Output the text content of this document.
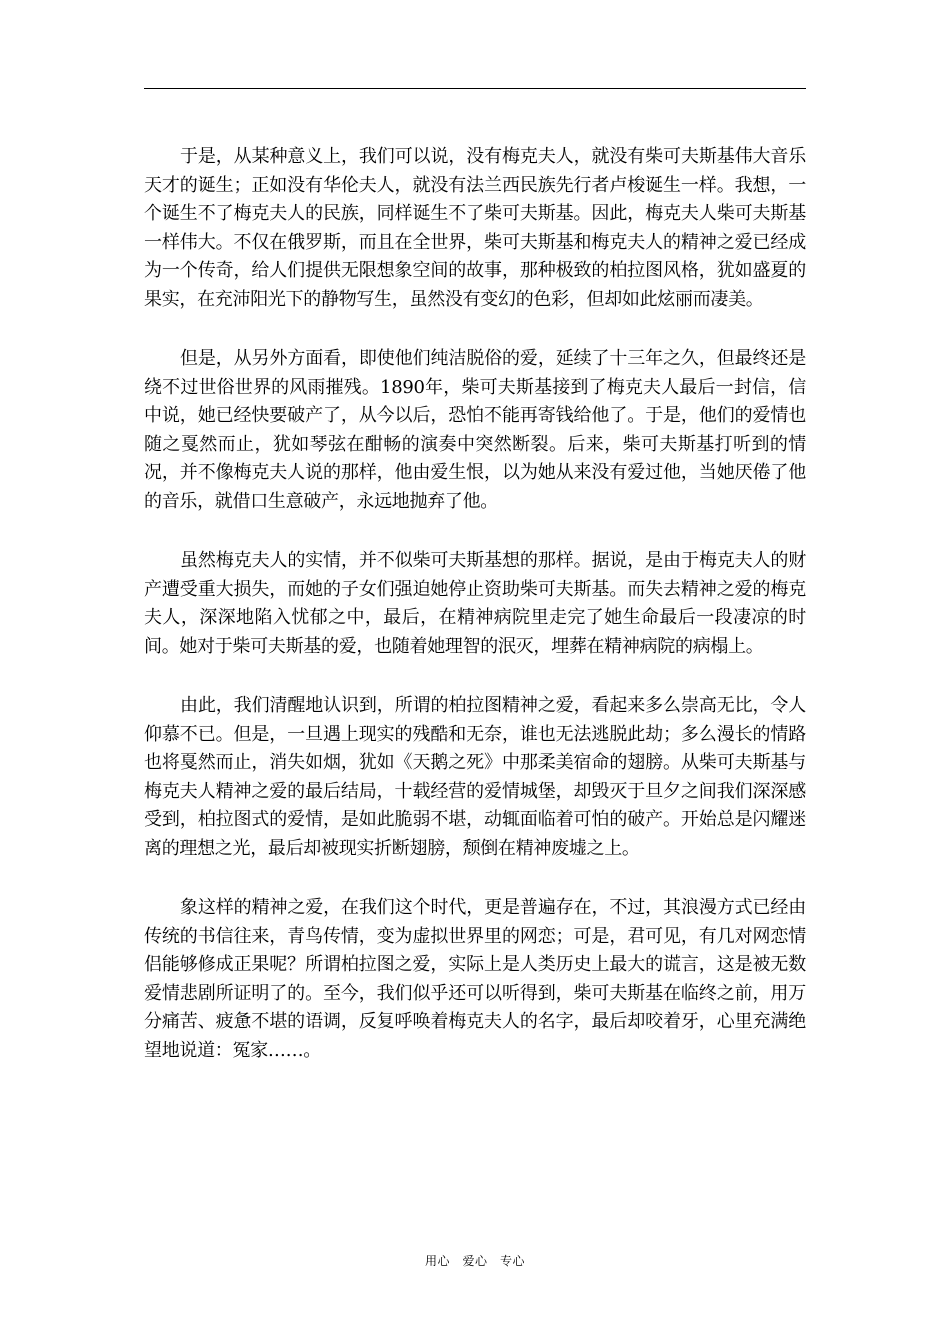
于是，从某种意义上，我们可以说，没有梅克夫人，就没有柴可夫斯基伟大音乐天才的诞生；正如没有华伦夫人，就没有法兰西民族先行者卢梭诞生一样。我想，一个诞生不了梅克夫人的民族，同样诞生不了柴可夫斯基。因此，梅克夫人柴可夫斯基一样伟大。不仅在俄罗斯，而且在全世界，柴可夫斯基和梅克夫人的精神之爱已经成为一个传奇，给人们提供无限想象空间的故事，那种极致的柏拉图风格，犹如盛夏的果实，在充沛阳光下的静物写生，虽然没有变幻的色彩，但却如此炫丽而凄美。

但是，从另外方面看，即使他们纯洁脱俗的爱，延续了十三年之久，但最终还是绕不过世俗世界的风雨摧残。1890年，柴可夫斯基接到了梅克夫人最后一封信，信中说，她已经快要破产了，从今以后，恐怕不能再寄钱给他了。于是，他们的爱情也随之戛然而止，犹如琴弦在酣畅的演奏中突然断裂。后来，柴可夫斯基打听到的情况，并不像梅克夫人说的那样，他由爱生恨，以为她从来没有爱过他，当她厌倦了他的音乐，就借口生意破产，永远地抛弃了他。

虽然梅克夫人的实情，并不似柴可夫斯基想的那样。据说，是由于梅克夫人的财产遭受重大损失，而她的子女们强迫她停止资助柴可夫斯基。而失去精神之爱的梅克夫人，深深地陷入忧郁之中，最后，在精神病院里走完了她生命最后一段凄凉的时间。她对于柴可夫斯基的爱，也随着她理智的泯灭，埋葬在精神病院的病榻上。

由此，我们清醒地认识到，所谓的柏拉图精神之爱，看起来多么崇高无比，令人仰慕不已。但是，一旦遇上现实的残酷和无奈，谁也无法逃脱此劫；多么漫长的情路也将戛然而止，消失如烟，犹如《天鹅之死》中那柔美宿命的翅膀。从柴可夫斯基与梅克夫人精神之爱的最后结局，十载经营的爱情城堡，却毁灭于旦夕之间我们深深感受到，柏拉图式的爱情，是如此脆弱不堪，动辄面临着可怕的破产。开始总是闪耀迷离的理想之光，最后却被现实折断翅膀，颓倒在精神废墟之上。

象这样的精神之爱，在我们这个时代，更是普遍存在，不过，其浪漫方式已经由传统的书信往来，青鸟传情，变为虚拟世界里的网恋；可是，君可见，有几对网恋情侣能够修成正果呢？所谓柏拉图之爱，实际上是人类历史上最大的谎言，这是被无数爱情悲剧所证明了的。至今，我们似乎还可以听得到，柴可夫斯基在临终之前，用万分痛苦、疲惫不堪的语调，反复呼唤着梅克夫人的名字，最后却咬着牙，心里充满绝望地说道：冤家……。

用心　爱心　专心
